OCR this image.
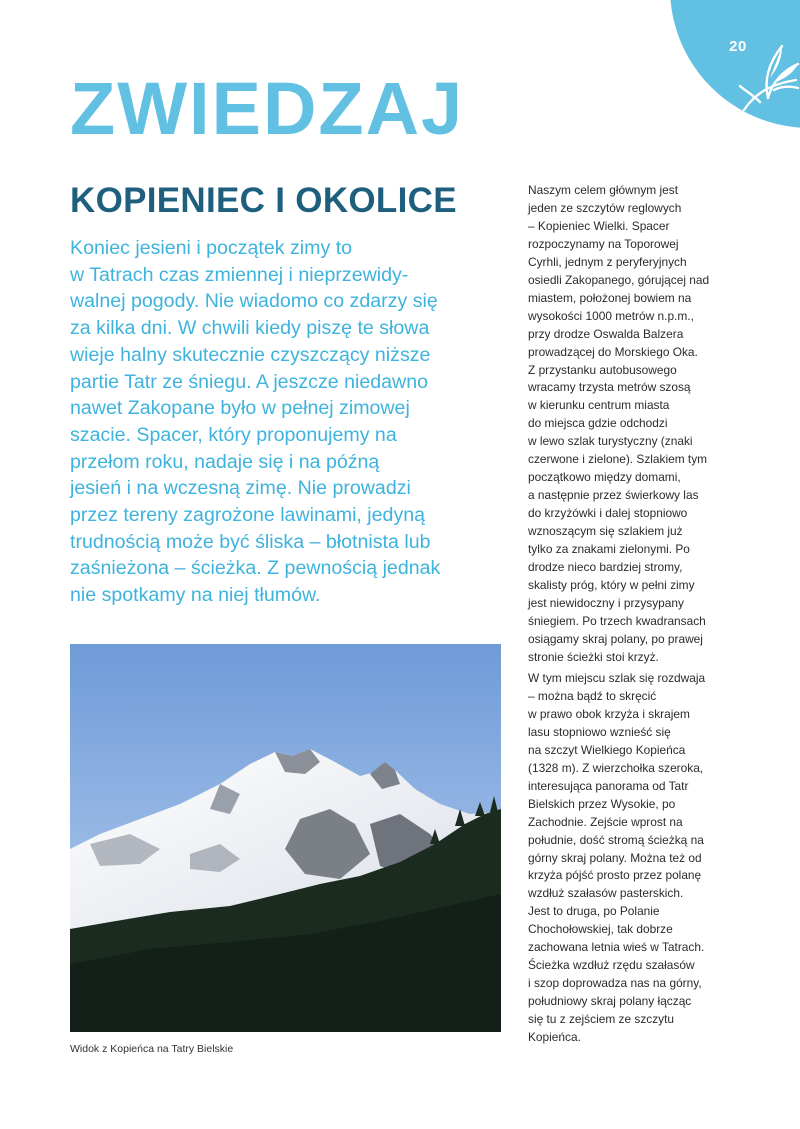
20
ZWIEDZAJ
KOPIENIEC I OKOLICE

Koniec jesieni i początek zimy to
w Tatrach czas zmiennej i nieprzewidy-
walnej pogody. Nie wiadomo co zdarzy się
za kilka dni. W chwili kiedy piszę te słowa
wieje halny skutecznie czyszczący niższe
partie Tatr ze śniegu. A jeszcze niedawno
nawet Zakopane było w pełnej zimowej
szacie. Spacer, który proponujemy na
przełom roku, nadaje się i na późną
jesień i na wczesną zimę. Nie prowadzi
przez tereny zagrożone lawinami, jedyną
trudnością może być śliska – błotnista lub
zaśnieżona – ścieżka. Z pewnością jednak
nie spotkamy na niej tłumów.

Widok z Kopieńca na Tatry Bielskie

Naszym celem głównym jest
jeden ze szczytów reglowych
– Kopieniec Wielki. Spacer
rozpoczynamy na Toporowej
Cyrhli, jednym z peryferyjnych
osiedli Zakopanego, górującej nad
miastem, położonej bowiem na
wysokości 1000 metrów n.p.m.,
przy drodze Oswalda Balzera
prowadzącej do Morskiego Oka.
Z przystanku autobusowego
wracamy trzysta metrów szosą
w kierunku centrum miasta
do miejsca gdzie odchodzi
w lewo szlak turystyczny (znaki
czerwone i zielone). Szlakiem tym
początkowo między domami,
a następnie przez świerkowy las
do krzyżówki i dalej stopniowo
wznoszącym się szlakiem już
tylko za znakami zielonymi. Po
drodze nieco bardziej stromy,
skalisty próg, który w pełni zimy
jest niewidoczny i przysypany
śniegiem. Po trzech kwadransach
osiągamy skraj polany, po prawej
stronie ścieżki stoi krzyż.

W tym miejscu szlak się rozdwaja
– można bądź to skręcić
w prawo obok krzyża i skrajem
lasu stopniowo wznieść się
na szczyt Wielkiego Kopieńca
(1328 m). Z wierzchołka szeroka,
interesująca panorama od Tatr
Bielskich przez Wysokie, po
Zachodnie. Zejście wprost na
południe, dość stromą ścieżką na
górny skraj polany. Można też od
krzyża pójść prosto przez polanę
wzdłuż szałasów pasterskich.
Jest to druga, po Polanie
Chochołowskiej, tak dobrze
zachowana letnia wieś w Tatrach.
Ścieżka wzdłuż rzędu szałasów
i szop doprowadza nas na górny,
południowy skraj polany łącząc
się tu z zejściem ze szczytu
Kopieńca.
